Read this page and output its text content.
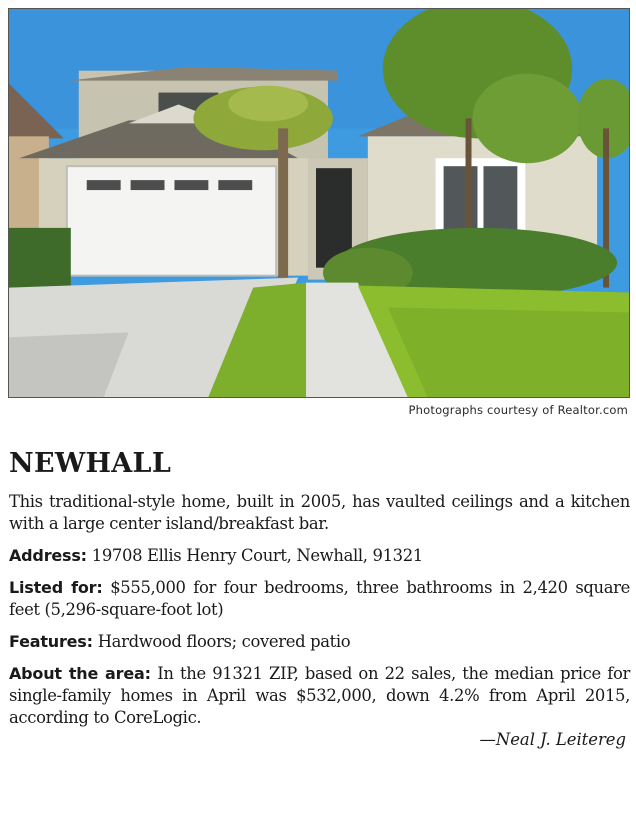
Photographs courtesy of Realtor.com
NEWHALL

This traditional-style home, built in 2005, has vaulted ceilings and a kitchen with a large center island/breakfast bar.

Address: 19708 Ellis Henry Court, Newhall, 91321

Listed for: $555,000 for four bedrooms, three bathrooms in 2,420 square feet (5,296-square-foot lot)

Features: Hardwood floors; covered patio

About the area: In the 91321 ZIP, based on 22 sales, the median price for single-family homes in April was $532,000, down 4.2% from April 2015, according to CoreLogic.

—Neal J. Leitereg
